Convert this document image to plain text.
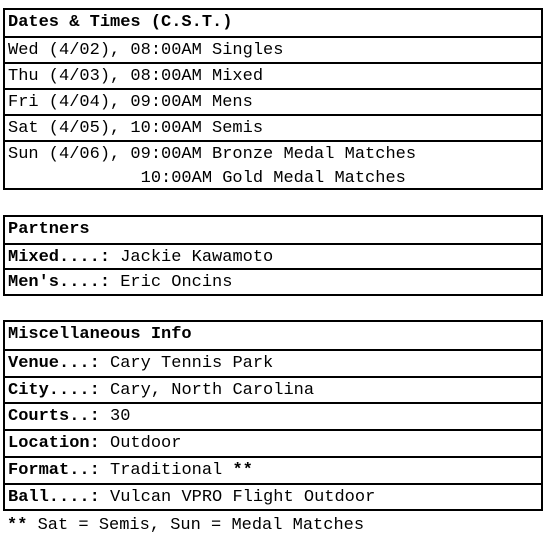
Dates & Times (C.S.T.)
Wed (4/02), 08:00AM Singles
Thu (4/03), 08:00AM Mixed
Fri (4/04), 09:00AM Mens
Sat (4/05), 10:00AM Semis
Sun (4/06), 09:00AM Bronze Medal Matches
10:00AM Gold Medal Matches
Partners
Mixed....: Jackie Kawamoto
Men's....: Eric Oncins
Miscellaneous Info
Venue...: Cary Tennis Park
City....: Cary, North Carolina
Courts..: 30
Location: Outdoor
Format..: Traditional **
Ball....: Vulcan VPRO Flight Outdoor
** Sat = Semis, Sun = Medal Matches
